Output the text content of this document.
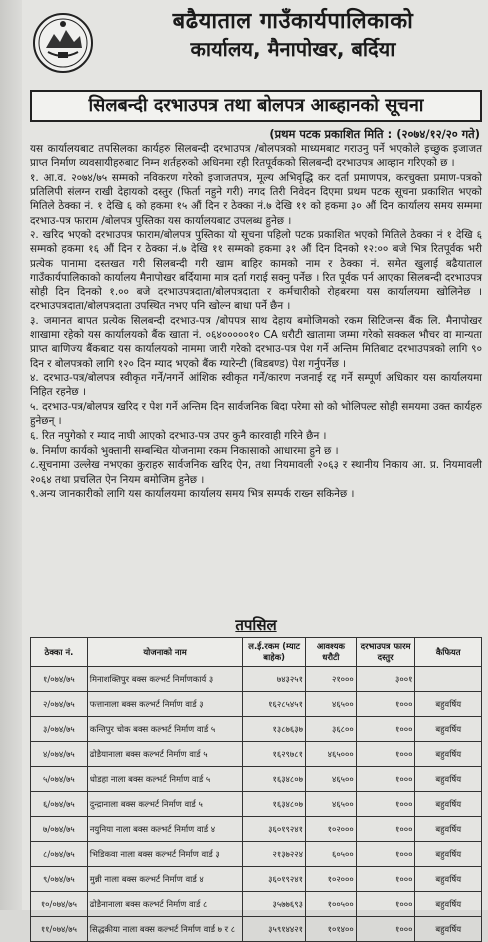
बढैयाताल गाउँकार्यपालिकाको
कार्यालय, मैनापोखर, बर्दिया
सिलबन्दी दरभाउपत्र तथा बोलपत्र आब्हानको सूचना
(प्रथम पटक प्रकाशित मिति : (२०७४/१२/२० गते)

यस कार्यालयबाट तपसिलका कार्यहरु सिलबन्दी दरभाउपत्र /बोलपत्रको माध्यमबाट गराउनु पर्ने भएकोले इच्छुक इजाजत प्राप्त निर्माण व्यवसायीहरुबाट निम्न शर्तहरुको अधिनमा रही रितपूर्वकको सिलबन्दी दरभाउपत्र आव्हान गरिएको छ ।

१. आ.व. २०७४/७५ सम्मको नविकरण गरेको इजाजतपत्र, मूल्य अभिवृद्धि कर दर्ता प्रमाणपत्र, करचुक्ता प्रमाण-पत्रको प्रतिलिपी संलग्न राखी देहायको दस्तुर (फिर्ता नहुने गरी) नगद तिरी निवेदन दिएमा प्रथम पटक सूचना प्रकाशित भएको मितिले ठेक्का नं. १ देखि ६ को हकमा १५ औं दिन र ठेक्का नं.७ देखि ११ को हकमा ३० औं दिन कार्यालय समय सम्ममा दरभाउ-पत्र फाराम /बोलपत्र पुस्तिका यस कार्यालयबाट उपलब्ध हुनेछ ।

२. खरिद भएको दरभाउपत्र फाराम/बोलपत्र पुस्तिका यो सूचना पहिलो पटक प्रकाशित भएको मितिले ठेक्का नं १ देखि ६ सम्मको हकमा १६ औं दिन र ठेक्का नं.७ देखि ११ सम्मको हकमा ३१ औं दिन दिनको १२:०० बजे भित्र रितपूर्वक भरी प्रत्येक पानामा दस्तखत गरी सिलबन्दी गरी खाम बाहिर कामको नाम र ठेक्का नं. समेत खुलाई बढैयाताल गाउँकार्यपालिकाको कार्यालय मैनापोखर बर्दियामा मात्र दर्ता गराई सक्नु पर्नेछ । रित पूर्वक पर्न आएका सिलबन्दी दरभाउपत्र सोही दिन दिनको १.०० बजे दरभाउपत्रदाता/बोलपत्रदाता र कर्मचारीको रोहबरमा यस कार्यालयमा खोलिनेछ । दरभाउपत्रदाता/बोलपत्रदाता उपस्थित नभए पनि खोल्न बाधा पर्ने छैन ।

३. जमानत बापत प्रत्येक सिलबन्दी दरभाउ-पत्र /बोपपत्र साथ देहाय बमोजिमको रकम सिटिजन्स बैंक लि. मैनापोखर शाखामा रहेको यस कार्यालयको बैंक खाता नं. ०६४०००००१० CA धरौटी खातामा जम्मा गरेको सक्कल भौचर वा मान्यता प्राप्त बाणिज्य बैंकबाट यस कार्यालयको नाममा जारी गरेको दरभाउ-पत्र पेश गर्ने अन्तिम मितिबाट दरभाउपत्रको लागि ९० दिन र बोलपत्रको लागि १२० दिन म्याद भएको बैंक ग्यारेन्टी (बिडबण्ड) पेश गर्नुपर्नेछ ।

४. दरभाउ-पत्र/बोलपत्र स्वीकृत गर्ने/नगर्ने आंशिक स्वीकृत गर्ने/कारण नजनाई रद्द गर्ने सम्पूर्ण अधिकार यस कार्यालयमा निहित रहनेछ ।

५. दरभाउ-पत्र/बोलपत्र खरिद र पेश गर्ने अन्तिम दिन सार्वजनिक बिदा परेमा सो को भोलिपल्ट सोही समयमा उक्त कार्यहरु हुनेछन् ।

६. रित नपुगेको र म्याद नाघी आएको दरभाउ-पत्र उपर कुनै कारवाही गरिने छैन ।

७. निर्माण कार्यको भुक्तानी सम्बन्धित योजनामा रकम निकासाको आधारमा हुने छ ।

८.सूचनामा उल्लेख नभएका कुराहरु सार्वजनिक खरिद ऐन, तथा नियमावली २०६३ र स्थानीय निकाय आ. प्र. नियमावली २०६४ तथा प्रचलित ऐन नियम बमोजिम हुनेछ ।

९.अन्य जानकारीको लागि यस कार्यालयमा कार्यालय समय भित्र सम्पर्क राख्न सकिनेछ ।

तपसिल
ठेक्का नं.	योजनाको नाम	ल.ई.रकम (म्याट बाहेक)	आवश्यक धरौटी	दरभाउपत्र फारम दस्तुर	कैफियत
१/०७४/७५	मिनाशक्तिपुर बक्स कल्भर्ट निर्माणकार्य ३	७४३२५१	२१०००	३००१	
२/०७४/७५	फत्तानाला बक्स कल्भर्ट निर्माण वार्ड ३	१६२८५४५१	४६५००	१०००	बहुवर्षिय
३/०७४/७५	कन्तिपुर चोक बक्स कल्भर्ट निर्माण वार्ड ५	१३८७६३७	३६८००	१०००	बहुवर्षिय
४/०७४/७५	ढोडैयानाला बक्स कल्भर्ट निर्माण वार्ड ५	१६२९७८१	४६५०००	१०००	बहुवर्षिय
५/०७४/७५	धोडहा नाला बक्स कल्भर्ट निर्माण वार्ड ५	१६३४८०७	४६५००	१०००	बहुवर्षिय
६/०७४/७५	दुन्द्रानाला बक्स कल्भर्ट निर्माण वार्ड ५	१६३४८०७	४६५००	१०००	बहुवर्षिय
७/०७४/७५	नयुनिया नाला बक्स कल्भर्ट निर्माण वार्ड ४	३६०१९२४१	१०२०००	१०००	बहुवर्षिय
८/०७४/७५	भिडिकवा नाला बक्स कल्भर्ट निर्माण वार्ड ३	२१३७२२४	६०५००	१०००	बहुवर्षिय
९/०७४/७५	मुन्नी नाला बक्स कल्भर्ट निर्माण वार्ड ४	३६०१९२४१	१०२०००	१०००	बहुवर्षिय
१०/०७४/७५	ढोडैनानाला बक्स कल्भर्ट निर्माण वार्ड ८	३५७७६९३	१००५००	१०००	बहुवर्षिय
११/०७४/७५	सिद्धकीया नाला बक्स कल्भर्ट निर्माण वार्ड ७ र ८	३५९१४४२१	१०१४००	१०००	बहुवर्षिय
